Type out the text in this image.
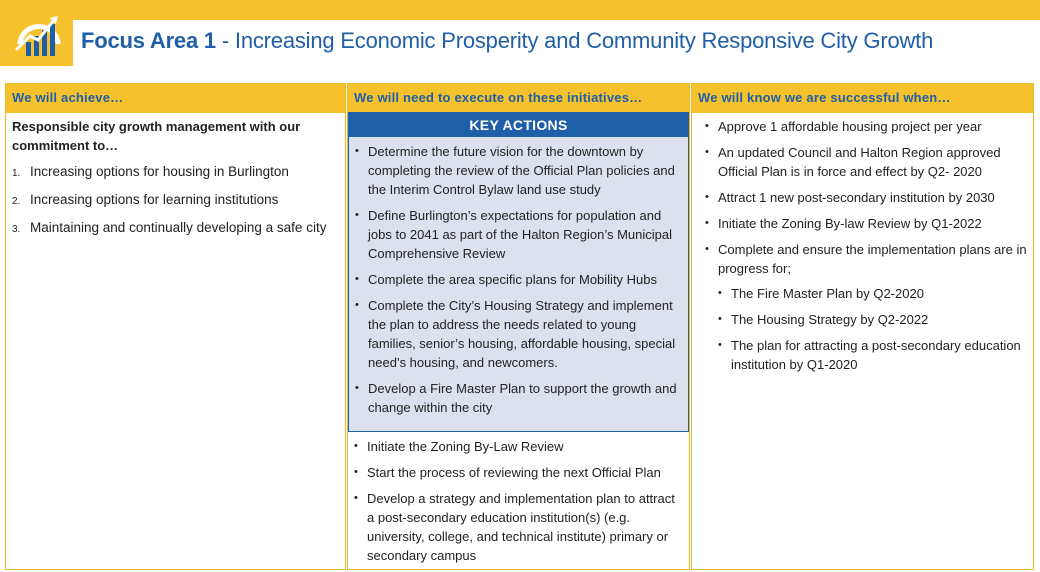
Focus Area 1 - Increasing Economic Prosperity and Community Responsive City Growth
We will achieve…
Responsible city growth management with our commitment to…
1. Increasing options for housing in Burlington
2. Increasing options for learning institutions
3. Maintaining and continually developing a safe city
We will need to execute on these initiatives…
KEY ACTIONS
• Determine the future vision for the downtown by completing the review of the Official Plan policies and the Interim Control Bylaw land use study
• Define Burlington’s expectations for population and jobs to 2041 as part of the Halton Region’s Municipal Comprehensive Review
• Complete the area specific plans for Mobility Hubs
• Complete the City’s Housing Strategy and implement the plan to address the needs related to young families, senior’s housing, affordable housing, special need’s housing, and newcomers.
• Develop a Fire Master Plan to support the growth and change within the city
• Initiate the Zoning By-Law Review
• Start the process of reviewing the next Official Plan
• Develop a strategy and implementation plan to attract a post-secondary education institution(s) (e.g. university, college, and technical institute) primary or secondary campus
We will know we are successful when…
• Approve 1 affordable housing project per year
• An updated Council and Halton Region approved Official Plan is in force and effect by Q2- 2020
• Attract 1 new post-secondary institution by 2030
• Initiate the Zoning By-law Review by Q1-2022
• Complete and ensure the implementation plans are in progress for;
• The Fire Master Plan by Q2-2020
• The Housing Strategy by Q2-2022
• The plan for attracting a post-secondary education institution by Q1-2020
